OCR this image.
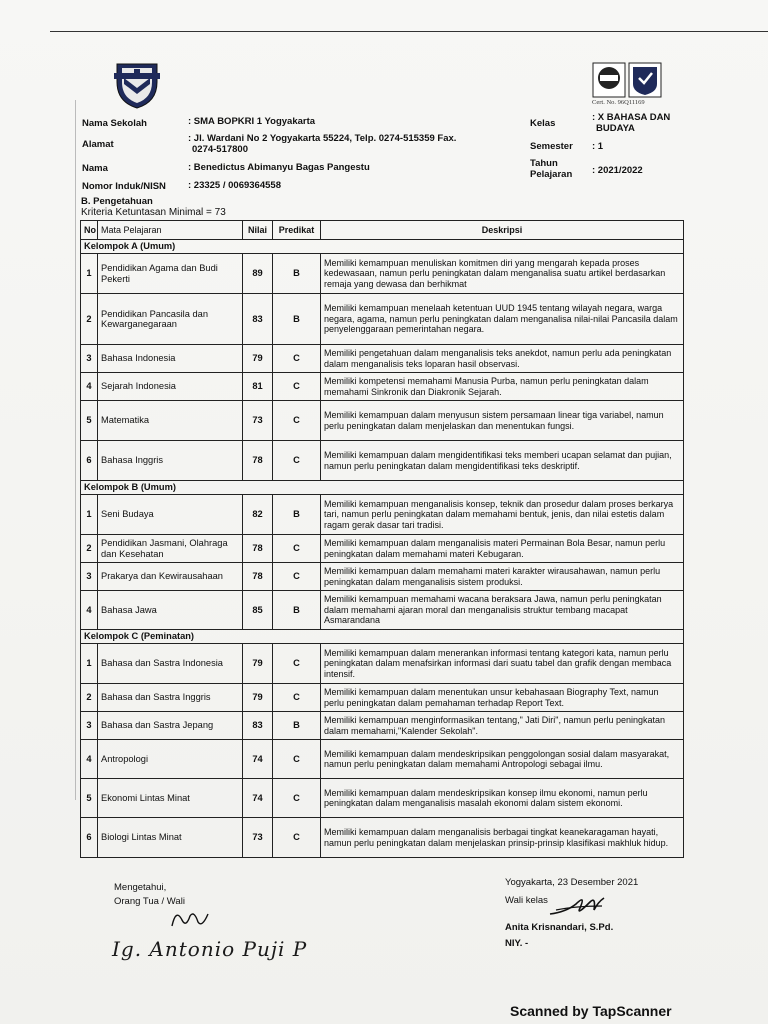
Cert. No. 96Q11169
Nama Sekolah	: SMA BOPKRI 1 Yogyakarta
Alamat
: Jl. Wardani No 2 Yogyakarta 55224, Telp. 0274-515359 Fax.
0274-517800
Nama	: Benedictus Abimanyu Bagas Pangestu
Nomor Induk/NISN : 23325 / 0069364558
Kelas
: X BAHASA DAN
BUDAYA
Semester : 1
Tahun
Pelajaran : 2021/2022
B. Pengetahuan
Kriteria Ketuntasan Minimal = 73
No	Mata Pelajaran	Nilai	Predikat	Deskripsi
Kelompok A (Umum)				
1	Pendidikan Agama dan Budi Pekerti	89	B	Memiliki kemampuan menuliskan komitmen diri yang mengarah kepada proses kedewasaan, namun perlu peningkatan dalam menganalisa suatu artikel berdasarkan remaja yang dewasa dan berhikmat
2	Pendidikan Pancasila dan Kewarganegaraan	83	B	Memiliki kemampuan menelaah ketentuan UUD 1945 tentang wilayah negara, warga negara, agama, namun perlu peningkatan dalam menganalisa nilai-nilai Pancasila dalam penyelenggaraan pemerintahan negara.
3	Bahasa Indonesia	79	C	Memiliki pengetahuan dalam menganalisis teks anekdot, namun perlu ada peningkatan dalam menganalisis teks loparan hasil observasi.
4	Sejarah Indonesia	81	C	Memiliki kompetensi memahami Manusia Purba, namun perlu peningkatan dalam memahami Sinkronik dan Diakronik Sejarah.
5	Matematika	73	C	Memiliki kemampuan dalam menyusun sistem persamaan linear tiga variabel, namun perlu peningkatan dalam menjelaskan dan menentukan fungsi.
6	Bahasa Inggris	78	C	Memiliki kemampuan dalam mengidentifikasi teks memberi ucapan selamat dan pujian, namun perlu peningkatan dalam mengidentifikasi teks deskriptif.
Kelompok B (Umum)				
1	Seni Budaya	82	B	Memiliki kemampuan menganalisis konsep, teknik dan prosedur dalam proses berkarya tari, namun perlu peningkatan dalam memahami bentuk, jenis, dan nilai estetis dalam ragam gerak dasar tari tradisi.
2	Pendidikan Jasmani, Olahraga dan Kesehatan	78	C	Memiliki kemampuan dalam menganalisis materi Permainan Bola Besar, namun perlu peningkatan dalam memahami materi Kebugaran.
3	Prakarya dan Kewirausahaan	78	C	Memiliki kemampuan dalam memahami materi karakter wirausahawan, namun perlu peningkatan dalam menganalisis sistem produksi.
4	Bahasa Jawa	85	B	Memiliki kemampuan memahami wacana beraksara Jawa, namun perlu peningkatan dalam memahami ajaran moral dan menganalisis struktur tembang macapat Asmarandana
Kelompok C (Peminatan)				
1	Bahasa dan Sastra Indonesia	79	C	Memiliki kemampuan dalam menerankan informasi tentang kategori kata, namun perlu peningkatan dalam menafsirkan informasi dari suatu tabel dan grafik dengan membaca intensif.
2	Bahasa dan Sastra Inggris	79	C	Memiliki kemampuan dalam menentukan unsur kebahasaan Biography Text, namun perlu peningkatan dalam pemahaman terhadap Report Text.
3	Bahasa dan Sastra Jepang	83	B	Memiliki kemampuan menginformasikan tentang," Jati Diri", namun perlu peningkatan dalam memahami,"Kalender Sekolah".
4	Antropologi	74	C	Memiliki kemampuan dalam mendeskripsikan penggolongan sosial dalam masyarakat, namun perlu peningkatan dalam memahami Antropologi sebagai ilmu.
5	Ekonomi Lintas Minat	74	C	Memiliki kemampuan dalam mendeskripsikan konsep ilmu ekonomi, namun perlu peningkatan dalam menganalisis masalah ekonomi dalam sistem ekonomi.
6	Biologi Lintas Minat	73	C	Memiliki kemampuan dalam menganalisis berbagai tingkat keanekaragaman hayati, namun perlu peningkatan dalam menjelaskan prinsip-prinsip klasifikasi makhluk hidup.
Mengetahui,
Orang Tua / Wali
Ig. Antonio Puji P
Yogyakarta, 23 Desember 2021
Wali kelas
Anita Krisnandari, S.Pd.
NIY. -
Scanned by TapScanner
